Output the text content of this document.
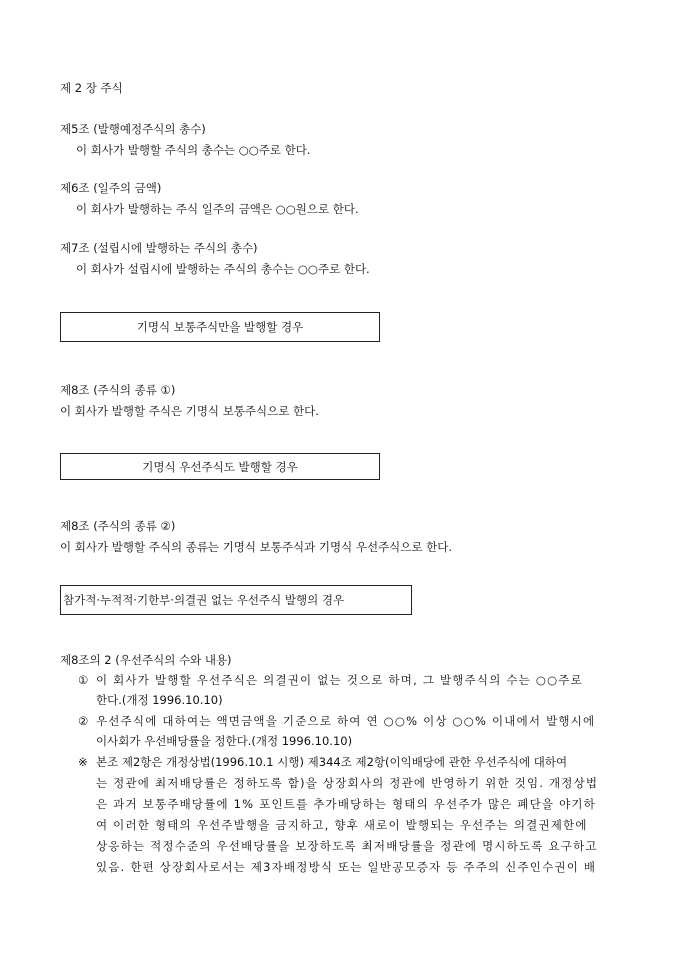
제 2 장 주식
제5조 (발행예정주식의 총수)
이 회사가 발행할 주식의 총수는 ○○주로 한다.
제6조 (일주의 금액)
이 회사가 발행하는 주식 일주의 금액은 ○○원으로 한다.
제7조 (설립시에 발행하는 주식의 총수)
이 회사가 설립시에 발행하는 주식의 총수는 ○○주로 한다.
기명식 보통주식만을 발행할 경우
제8조 (주식의 종류 ①)
이 회사가 발행할 주식은 기명식 보통주식으로 한다.
기명식 우선주식도 발행할 경우
제8조 (주식의 종류 ②)
이 회사가 발행할 주식의 종류는 기명식 보통주식과 기명식 우선주식으로 한다.
참가적·누적적·기한부·의결권 없는 우선주식 발행의 경우
제8조의 2 (우선주식의 수와 내용)
① 이 회사가 발행할 우선주식은 의결권이 없는 것으로 하며, 그 발행주식의 수는 ○○주로
한다.(개정 1996.10.10)
② 우선주식에 대하여는 액면금액을 기준으로 하여 연 ○○% 이상 ○○% 이내에서 발행시에
이사회가 우선배당률을 정한다.(개정 1996.10.10)
※ 본조 제2항은 개정상법(1996.10.1 시행) 제344조 제2항(이익배당에 관한 우선주식에 대하여
는 정관에 최저배당률은 정하도록 함)을 상장회사의 정관에 반영하기 위한 것임. 개정상법
은 과거 보통주배당률에 1% 포인트를 추가배당하는 형태의 우선주가 많은 폐단을 야기하
여 이러한 형태의 우선주발행을 금지하고, 향후 새로이 발행되는 우선주는 의결권제한에
상응하는 적정수준의 우선배당률을 보장하도록 최저배당률을 정관에 명시하도록 요구하고
있음. 한편 상장회사로서는 제3자배정방식 또는 일반공모증자 등 주주의 신주인수권이 배
